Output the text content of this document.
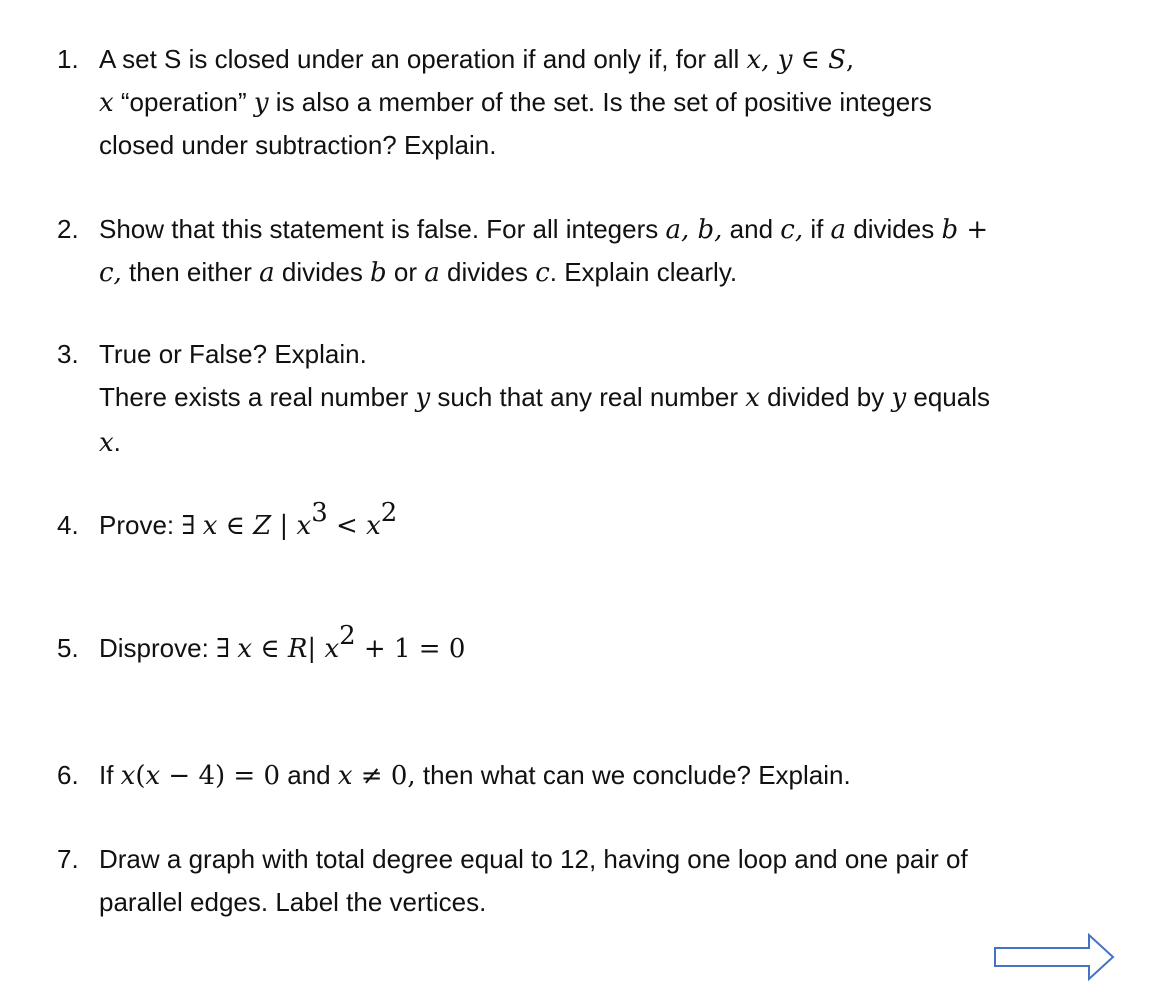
1. A set S is closed under an operation if and only if, for all x, y ∈ S,
x “operation” y is also a member of the set. Is the set of positive integers
closed under subtraction? Explain.
2. Show that this statement is false. For all integers a, b, and c, if a divides b +
c, then either a divides b or a divides c. Explain clearly.
3. True or False? Explain.
There exists a real number y such that any real number x divided by y equals
x.
4. Prove: ∃ x ∈ Z | $x^3 < x^2$
5. Disprove: ∃ x ∈ R| $x^2 + 1 = 0$
6. If x(x − 4) = 0 and x ≠ 0, then what can we conclude? Explain.
7. Draw a graph with total degree equal to 12, having one loop and one pair of
parallel edges. Label the vertices.
